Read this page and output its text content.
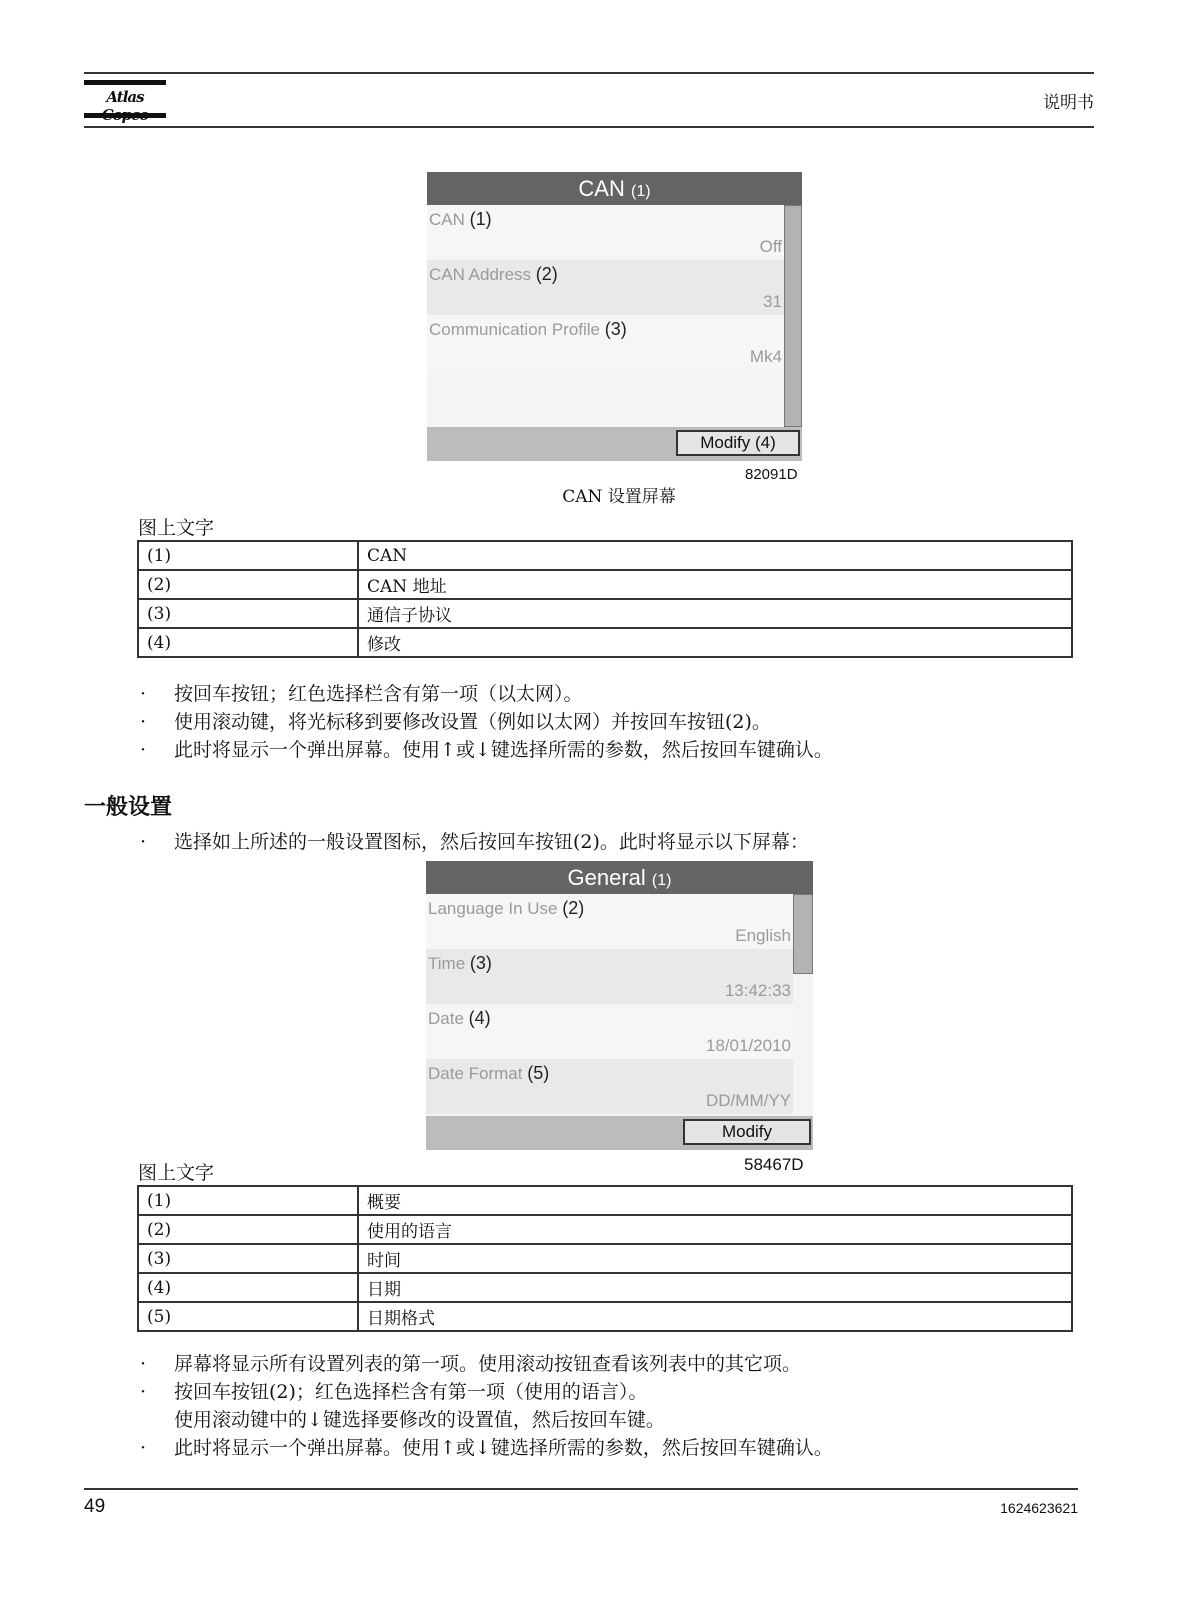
Atlas	说明书
CAN (1)
CAN (1)
Off
CAN Address (2)
31
Communication Profile (3)
Mk4
Modify (4)
82091D
CAN 设置屏幕
图上文字
(1)	CAN
(2)	CAN 地址
(3)	通信子协议
(4)	修改
· 按回车按钮；红色选择栏含有第一项（以太网）。
· 使用滚动键，将光标移到要修改设置（例如以太网）并按回车按钮(2)。
· 此时将显示一个弹出屏幕。使用↑或↓键选择所需的参数，然后按回车键确认。
一般设置
· 选择如上所述的一般设置图标，然后按回车按钮(2)。此时将显示以下屏幕：
General (1)
Language In Use (2)
English
Time (3)
13:42:33
Date (4)
18/01/2010
Date Format (5)
DD/MM/YY
Modify
58467D
图上文字
(1)	概要
(2)	使用的语言
(3)	时间
(4)	日期
(5)	日期格式
· 屏幕将显示所有设置列表的第一项。使用滚动按钮查看该列表中的其它项。
· 按回车按钮(2)；红色选择栏含有第一项（使用的语言）。
使用滚动键中的↓键选择要修改的设置值，然后按回车键。
· 此时将显示一个弹出屏幕。使用↑或↓键选择所需的参数，然后按回车键确认。
49	1624623621
